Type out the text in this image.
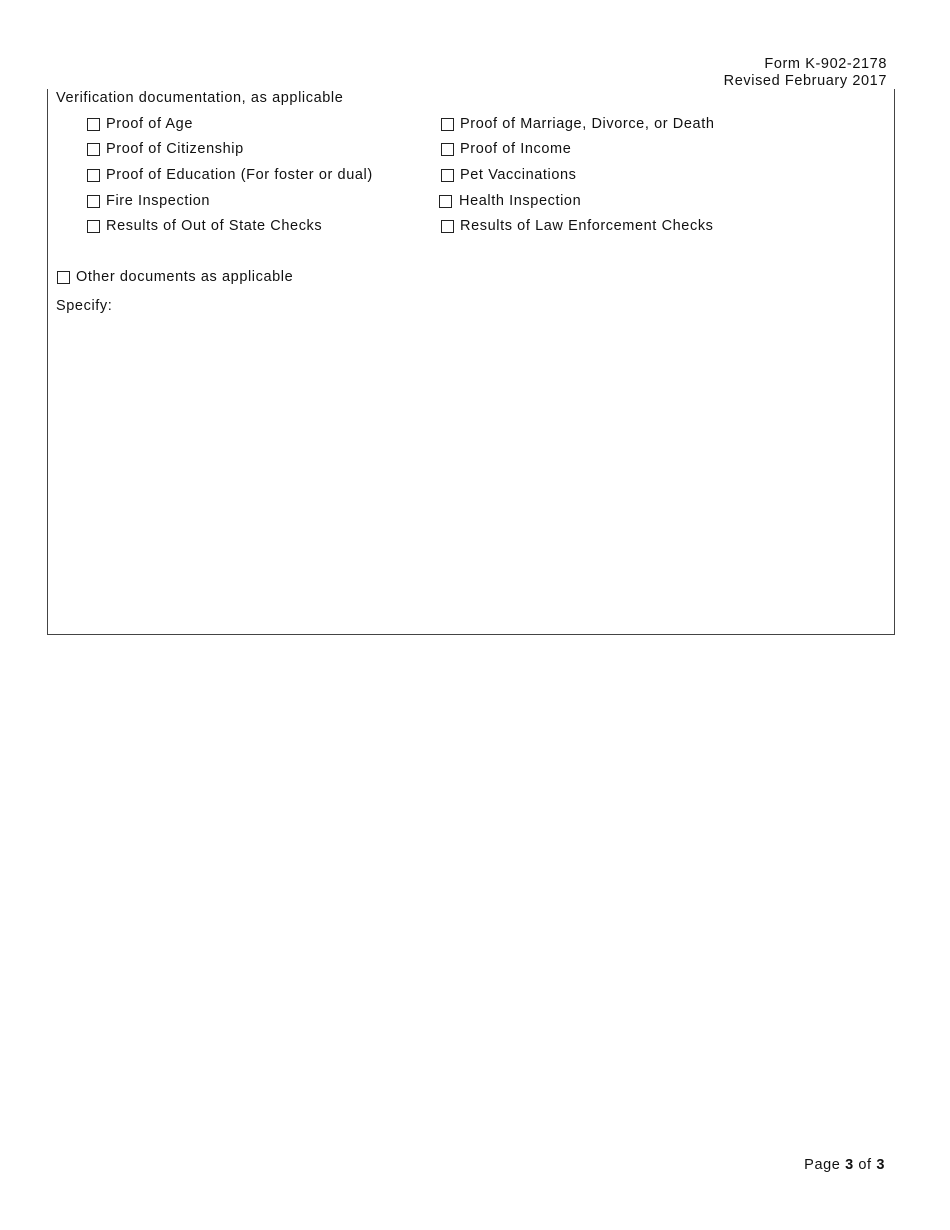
Form K-902-2178
Revised February 2017
Verification documentation, as applicable
Proof of Age
Proof of Citizenship
Proof of Education (For foster or dual)
Fire Inspection
Results of Out of State Checks
Proof of Marriage, Divorce, or Death
Proof of Income
Pet Vaccinations
Health Inspection
Results of Law Enforcement Checks
Other documents as applicable
Specify:
Page 3 of 3
